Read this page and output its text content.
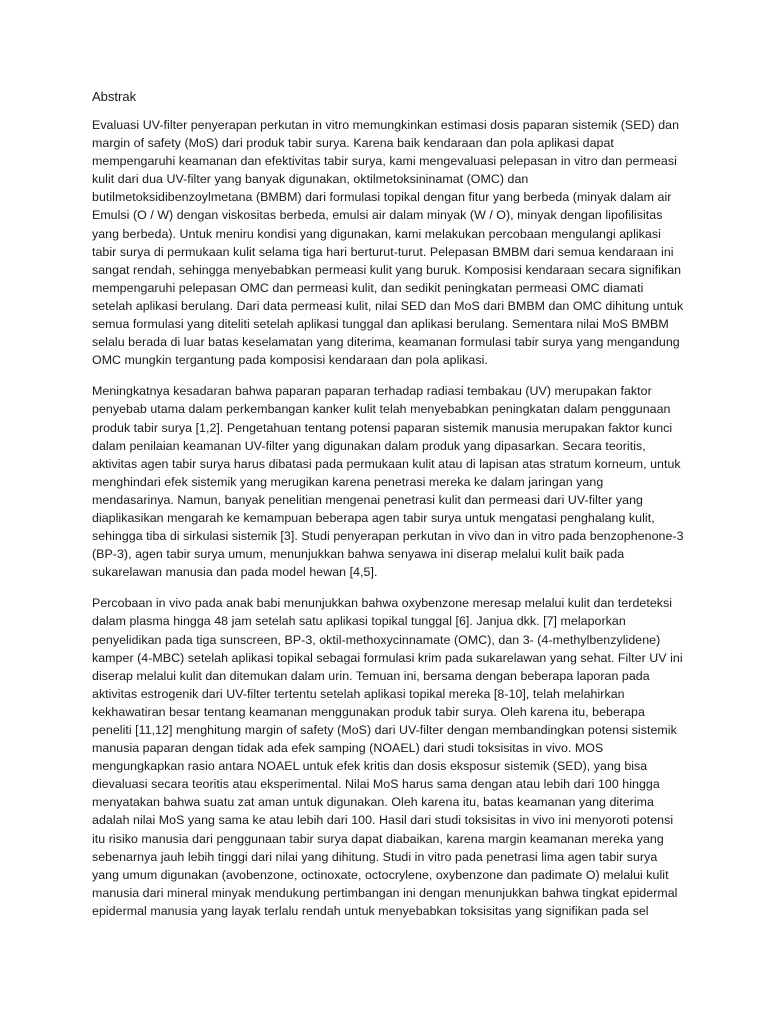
Abstrak

Evaluasi UV-filter penyerapan perkutan in vitro memungkinkan estimasi dosis paparan sistemik (SED) dan margin of safety (MoS) dari produk tabir surya. Karena baik kendaraan dan pola aplikasi dapat mempengaruhi keamanan dan efektivitas tabir surya, kami mengevaluasi pelepasan in vitro dan permeasi kulit dari dua UV-filter yang banyak digunakan, oktilmetoksininamat (OMC) dan butilmetoksidibenzoylmetana (BMBM) dari formulasi topikal dengan fitur yang berbeda (minyak dalam air Emulsi (O / W) dengan viskositas berbeda, emulsi air dalam minyak (W / O), minyak dengan lipofilisitas yang berbeda). Untuk meniru kondisi yang digunakan, kami melakukan percobaan mengulangi aplikasi tabir surya di permukaan kulit selama tiga hari berturut-turut. Pelepasan BMBM dari semua kendaraan ini sangat rendah, sehingga menyebabkan permeasi kulit yang buruk. Komposisi kendaraan secara signifikan mempengaruhi pelepasan OMC dan permeasi kulit, dan sedikit peningkatan permeasi OMC diamati setelah aplikasi berulang. Dari data permeasi kulit, nilai SED dan MoS dari BMBM dan OMC dihitung untuk semua formulasi yang diteliti setelah aplikasi tunggal dan aplikasi berulang. Sementara nilai MoS BMBM selalu berada di luar batas keselamatan yang diterima, keamanan formulasi tabir surya yang mengandung OMC mungkin tergantung pada komposisi kendaraan dan pola aplikasi.

Meningkatnya kesadaran bahwa paparan paparan terhadap radiasi tembakau (UV) merupakan faktor penyebab utama dalam perkembangan kanker kulit telah menyebabkan peningkatan dalam penggunaan produk tabir surya [1,2]. Pengetahuan tentang potensi paparan sistemik manusia merupakan faktor kunci dalam penilaian keamanan UV-filter yang digunakan dalam produk yang dipasarkan. Secara teoritis, aktivitas agen tabir surya harus dibatasi pada permukaan kulit atau di lapisan atas stratum korneum, untuk menghindari efek sistemik yang merugikan karena penetrasi mereka ke dalam jaringan yang mendasarinya. Namun, banyak penelitian mengenai penetrasi kulit dan permeasi dari UV-filter yang diaplikasikan mengarah ke kemampuan beberapa agen tabir surya untuk mengatasi penghalang kulit, sehingga tiba di sirkulasi sistemik [3]. Studi penyerapan perkutan in vivo dan in vitro pada benzophenone-3 (BP-3), agen tabir surya umum, menunjukkan bahwa senyawa ini diserap melalui kulit baik pada sukarelawan manusia dan pada model hewan [4,5].

Percobaan in vivo pada anak babi menunjukkan bahwa oxybenzone meresap melalui kulit dan terdeteksi dalam plasma hingga 48 jam setelah satu aplikasi topikal tunggal [6]. Janjua dkk. [7] melaporkan penyelidikan pada tiga sunscreen, BP-3, oktil-methoxycinnamate (OMC), dan 3- (4-methylbenzylidene) kamper (4-MBC) setelah aplikasi topikal sebagai formulasi krim pada sukarelawan yang sehat. Filter UV ini diserap melalui kulit dan ditemukan dalam urin. Temuan ini, bersama dengan beberapa laporan pada aktivitas estrogenik dari UV-filter tertentu setelah aplikasi topikal mereka [8-10], telah melahirkan kekhawatiran besar tentang keamanan menggunakan produk tabir surya. Oleh karena itu, beberapa peneliti [11,12] menghitung margin of safety (MoS) dari UV-filter dengan membandingkan potensi sistemik manusia paparan dengan tidak ada efek samping (NOAEL) dari studi toksisitas in vivo. MOS mengungkapkan rasio antara NOAEL untuk efek kritis dan dosis eksposur sistemik (SED), yang bisa dievaluasi secara teoritis atau eksperimental. Nilai MoS harus sama dengan atau lebih dari 100 hingga menyatakan bahwa suatu zat aman untuk digunakan. Oleh karena itu, batas keamanan yang diterima adalah nilai MoS yang sama ke atau lebih dari 100. Hasil dari studi toksisitas in vivo ini menyoroti potensi itu risiko manusia dari penggunaan tabir surya dapat diabaikan, karena margin keamanan mereka yang sebenarnya jauh lebih tinggi dari nilai yang dihitung. Studi in vitro pada penetrasi lima agen tabir surya yang umum digunakan (avobenzone, octinoxate, octocrylene, oxybenzone dan padimate O) melalui kulit manusia dari mineral minyak mendukung pertimbangan ini dengan menunjukkan bahwa tingkat epidermal epidermal manusia yang layak terlalu rendah untuk menyebabkan toksisitas yang signifikan pada sel
